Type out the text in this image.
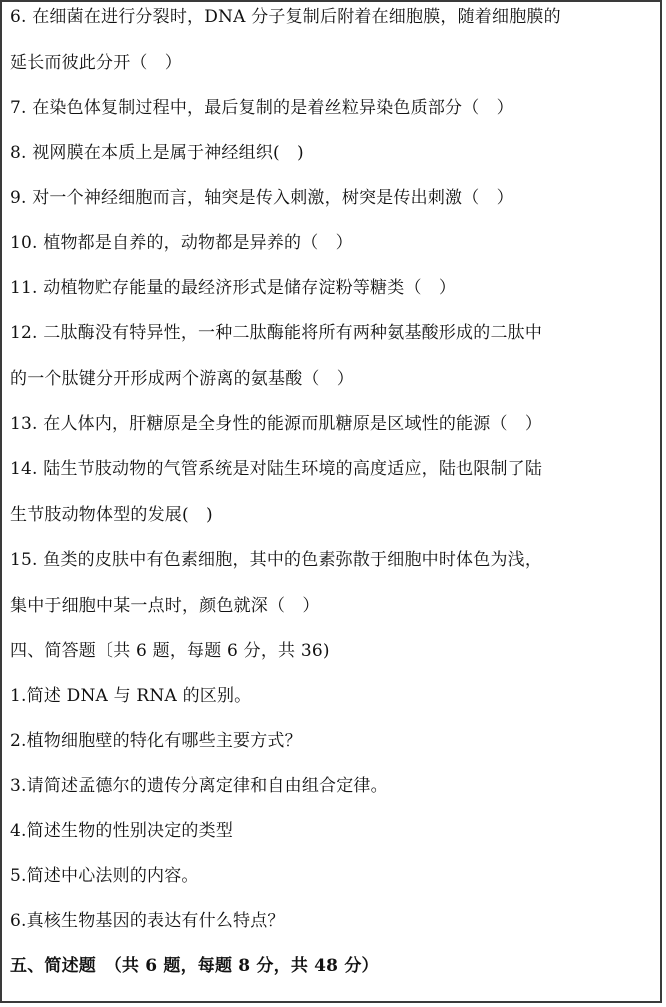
6. 在细菌在进行分裂时，DNA 分子复制后附着在细胞膜，随着细胞膜的

延长而彼此分开（　）

7. 在染色体复制过程中，最后复制的是着丝粒异染色质部分（　）

8. 视网膜在本质上是属于神经组织(　)

9. 对一个神经细胞而言，轴突是传入刺激，树突是传出刺激（　）

10. 植物都是自养的，动物都是异养的（　）

11. 动植物贮存能量的最经济形式是储存淀粉等糖类（　）

12. 二肽酶没有特异性，一种二肽酶能将所有两种氨基酸形成的二肽中

的一个肽键分开形成两个游离的氨基酸（　）

13. 在人体内，肝糖原是全身性的能源而肌糖原是区域性的能源（　）

14. 陆生节肢动物的气管系统是对陆生环境的高度适应，陆也限制了陆

生节肢动物体型的发展(　)

15. 鱼类的皮肤中有色素细胞，其中的色素弥散于细胞中时体色为浅，

集中于细胞中某一点时，颜色就深（　）

四、简答题〔共 6 题，每题 6 分，共 36)

1.简述 DNA 与 RNA 的区别。

2.植物细胞壁的特化有哪些主要方式？

3.请简述孟德尔的遗传分离定律和自由组合定律。

4.简述生物的性别决定的类型

5.简述中心法则的内容。

6.真核生物基因的表达有什么特点？

五、简述题　（共 6 题，每题 8 分，共 48 分）
